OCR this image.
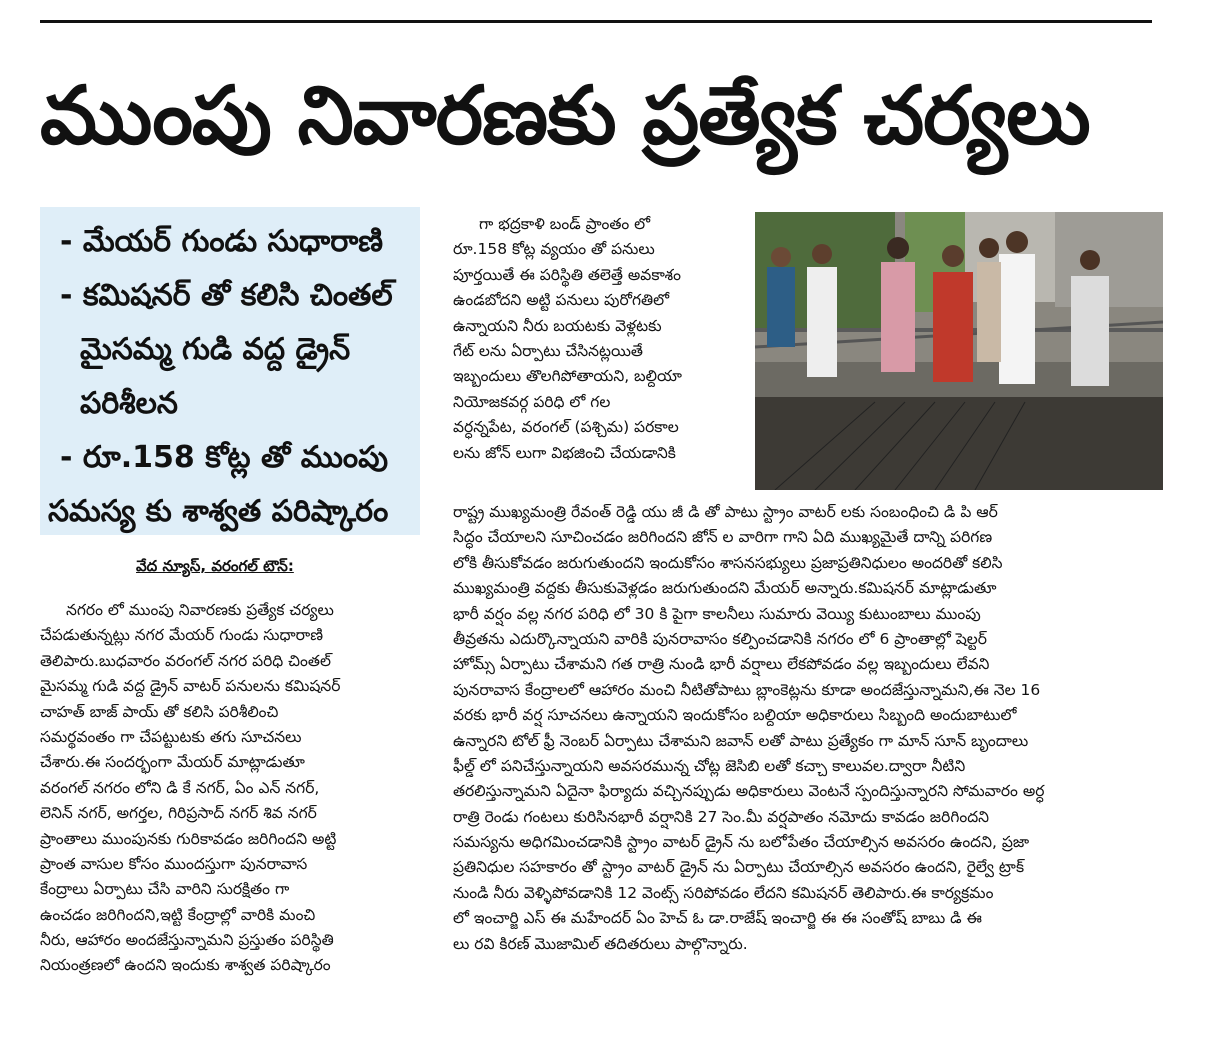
ముంపు నివారణకు ప్రత్యేక చర్యలు
- మేయర్ గుండు సుధారాణి
- కమిషనర్ తో కలిసి చింతల్
మైసమ్మ గుడి వద్ద డ్రైన్
పరిశీలన
- రూ.158 కోట్ల తో ముంపు
సమస్య కు శాశ్వత పరిష్కారం
వేద న్యూస్, వరంగల్ టౌన్:
నగరం లో ముంపు నివారణకు ప్రత్యేక చర్యలు
చేపడుతున్నట్లు నగర మేయర్ గుండు సుధారాణి
తెలిపారు.బుధవారం వరంగల్ నగర పరిధి చింతల్
మైసమ్మ గుడి వద్ద డ్రైన్ వాటర్ పనులను కమిషనర్
చాహత్ బాజ్ పాయ్ తో కలిసి పరిశీలించి
సమర్థవంతం గా చేపట్టుటకు తగు సూచనలు
చేశారు.ఈ సందర్భంగా మేయర్ మాట్లాడుతూ
వరంగల్ నగరం లోని డి కే నగర్, ఏం ఎన్ నగర్,
లెనిన్ నగర్, అగర్తల, గిరిప్రసాద్ నగర్ శివ నగర్
ప్రాంతాలు ముంపునకు గురికావడం జరిగిందని అట్టి
ప్రాంత వాసుల కోసం ముందస్తుగా పునరావాస
కేంద్రాలు ఏర్పాటు చేసి వారిని సురక్షితం గా
ఉంచడం జరిగిందని,ఇట్టి కేంద్రాల్లో వారికి మంచి
నీరు, ఆహారం అందజేస్తున్నామని ప్రస్తుతం పరిస్థితి
నియంత్రణలో ఉందని ఇందుకు శాశ్వత పరిష్కారం
గా భద్రకాళి బండ్ ప్రాంతం లో
రూ.158 కోట్ల వ్యయం తో పనులు
పూర్తయితే ఈ పరిస్థితి తలెత్తే అవకాశం
ఉండబోదని అట్టి పనులు పురోగతిలో
ఉన్నాయని నీరు బయటకు వెళ్లటకు
గేట్ లను ఏర్పాటు చేసినట్లయితే
ఇబ్బందులు తొలగిపోతాయని, బల్దియా
నియోజకవర్గ పరిధి లో గల
వర్ధన్నపేట, వరంగల్ (పశ్చిమ) పరకాల
లను జోన్ లుగా విభజించి చేయడానికి
రాష్ట్ర ముఖ్యమంత్రి రేవంత్ రెడ్డి యు జీ డి తో పాటు స్ట్రాం వాటర్ లకు సంబంధించి డి పి ఆర్
సిద్ధం చేయాలని సూచించడం జరిగిందని జోన్ ల వారిగా గాని ఏది ముఖ్యమైతే దాన్ని పరిగణ
లోకి తీసుకోవడం జరుగుతుందని ఇందుకోసం శాసనసభ్యులు ప్రజాప్రతినిధులం అందరితో కలిసి
ముఖ్యమంత్రి వద్దకు తీసుకువెళ్లడం జరుగుతుందని మేయర్ అన్నారు.కమిషనర్ మాట్లాడుతూ
భారీ వర్షం వల్ల నగర పరిధి లో 30 కి పైగా కాలనీలు సుమారు వెయ్యి కుటుంబాలు ముంపు
తీవ్రతను ఎదుర్కొన్నాయని వారికి పునరావాసం కల్పించడానికి నగరం లో 6 ప్రాంతాల్లో షెల్టర్
హోమ్స్ ఏర్పాటు చేశామని గత రాత్రి నుండి భారీ వర్షాలు లేకపోవడం వల్ల ఇబ్బందులు లేవని
పునరావాస కేంద్రాలలో ఆహారం మంచి నీటితోపాటు బ్లాంకెట్లను కూడా అందజేస్తున్నామని,ఈ నెల 16
వరకు భారీ వర్ష సూచనలు ఉన్నాయని ఇందుకోసం బల్దియా అధికారులు సిబ్బంది అందుబాటులో
ఉన్నారని టోల్ ఫ్రీ నెంబర్ ఏర్పాటు చేశామని జవాన్ లతో పాటు ప్రత్యేకం గా మాన్ సూన్ బృందాలు
ఫీల్డ్ లో పనిచేస్తున్నాయని అవసరమున్న చోట్ల జెసిబి లతో కచ్చా కాలువల.ద్వారా నీటిని
తరలిస్తున్నామని ఏదైనా ఫిర్యాదు వచ్చినప్పుడు అధికారులు వెంటనే స్పందిస్తున్నారని సోమవారం అర్ధ
రాత్రి రెండు గంటలు కురిసినభారీ వర్షానికి 27 సెం.మీ వర్షపాతం నమోదు కావడం జరిగిందని
సమస్యను అధిగమించడానికి స్ట్రాం వాటర్ డ్రైన్ ను బలోపేతం చేయాల్సిన అవసరం ఉందని, ప్రజా
ప్రతినిధుల సహకారం తో స్ట్రాం వాటర్ డ్రైన్ ను ఏర్పాటు చేయాల్సిన అవసరం ఉందని, రైల్వే ట్రాక్
నుండి నీరు వెళ్ళిపోవడానికి 12 వెంట్స్ సరిపోవడం లేదని కమిషనర్ తెలిపారు.ఈ కార్యక్రమం
లో ఇంచార్జి ఎస్ ఈ మహేందర్ ఏం హెచ్ ఓ డా.రాజేష్ ఇంచార్జి ఈ ఈ సంతోష్ బాబు డి ఈ
లు రవి కిరణ్ మొజామిల్ తదితరులు పాల్గొన్నారు.
